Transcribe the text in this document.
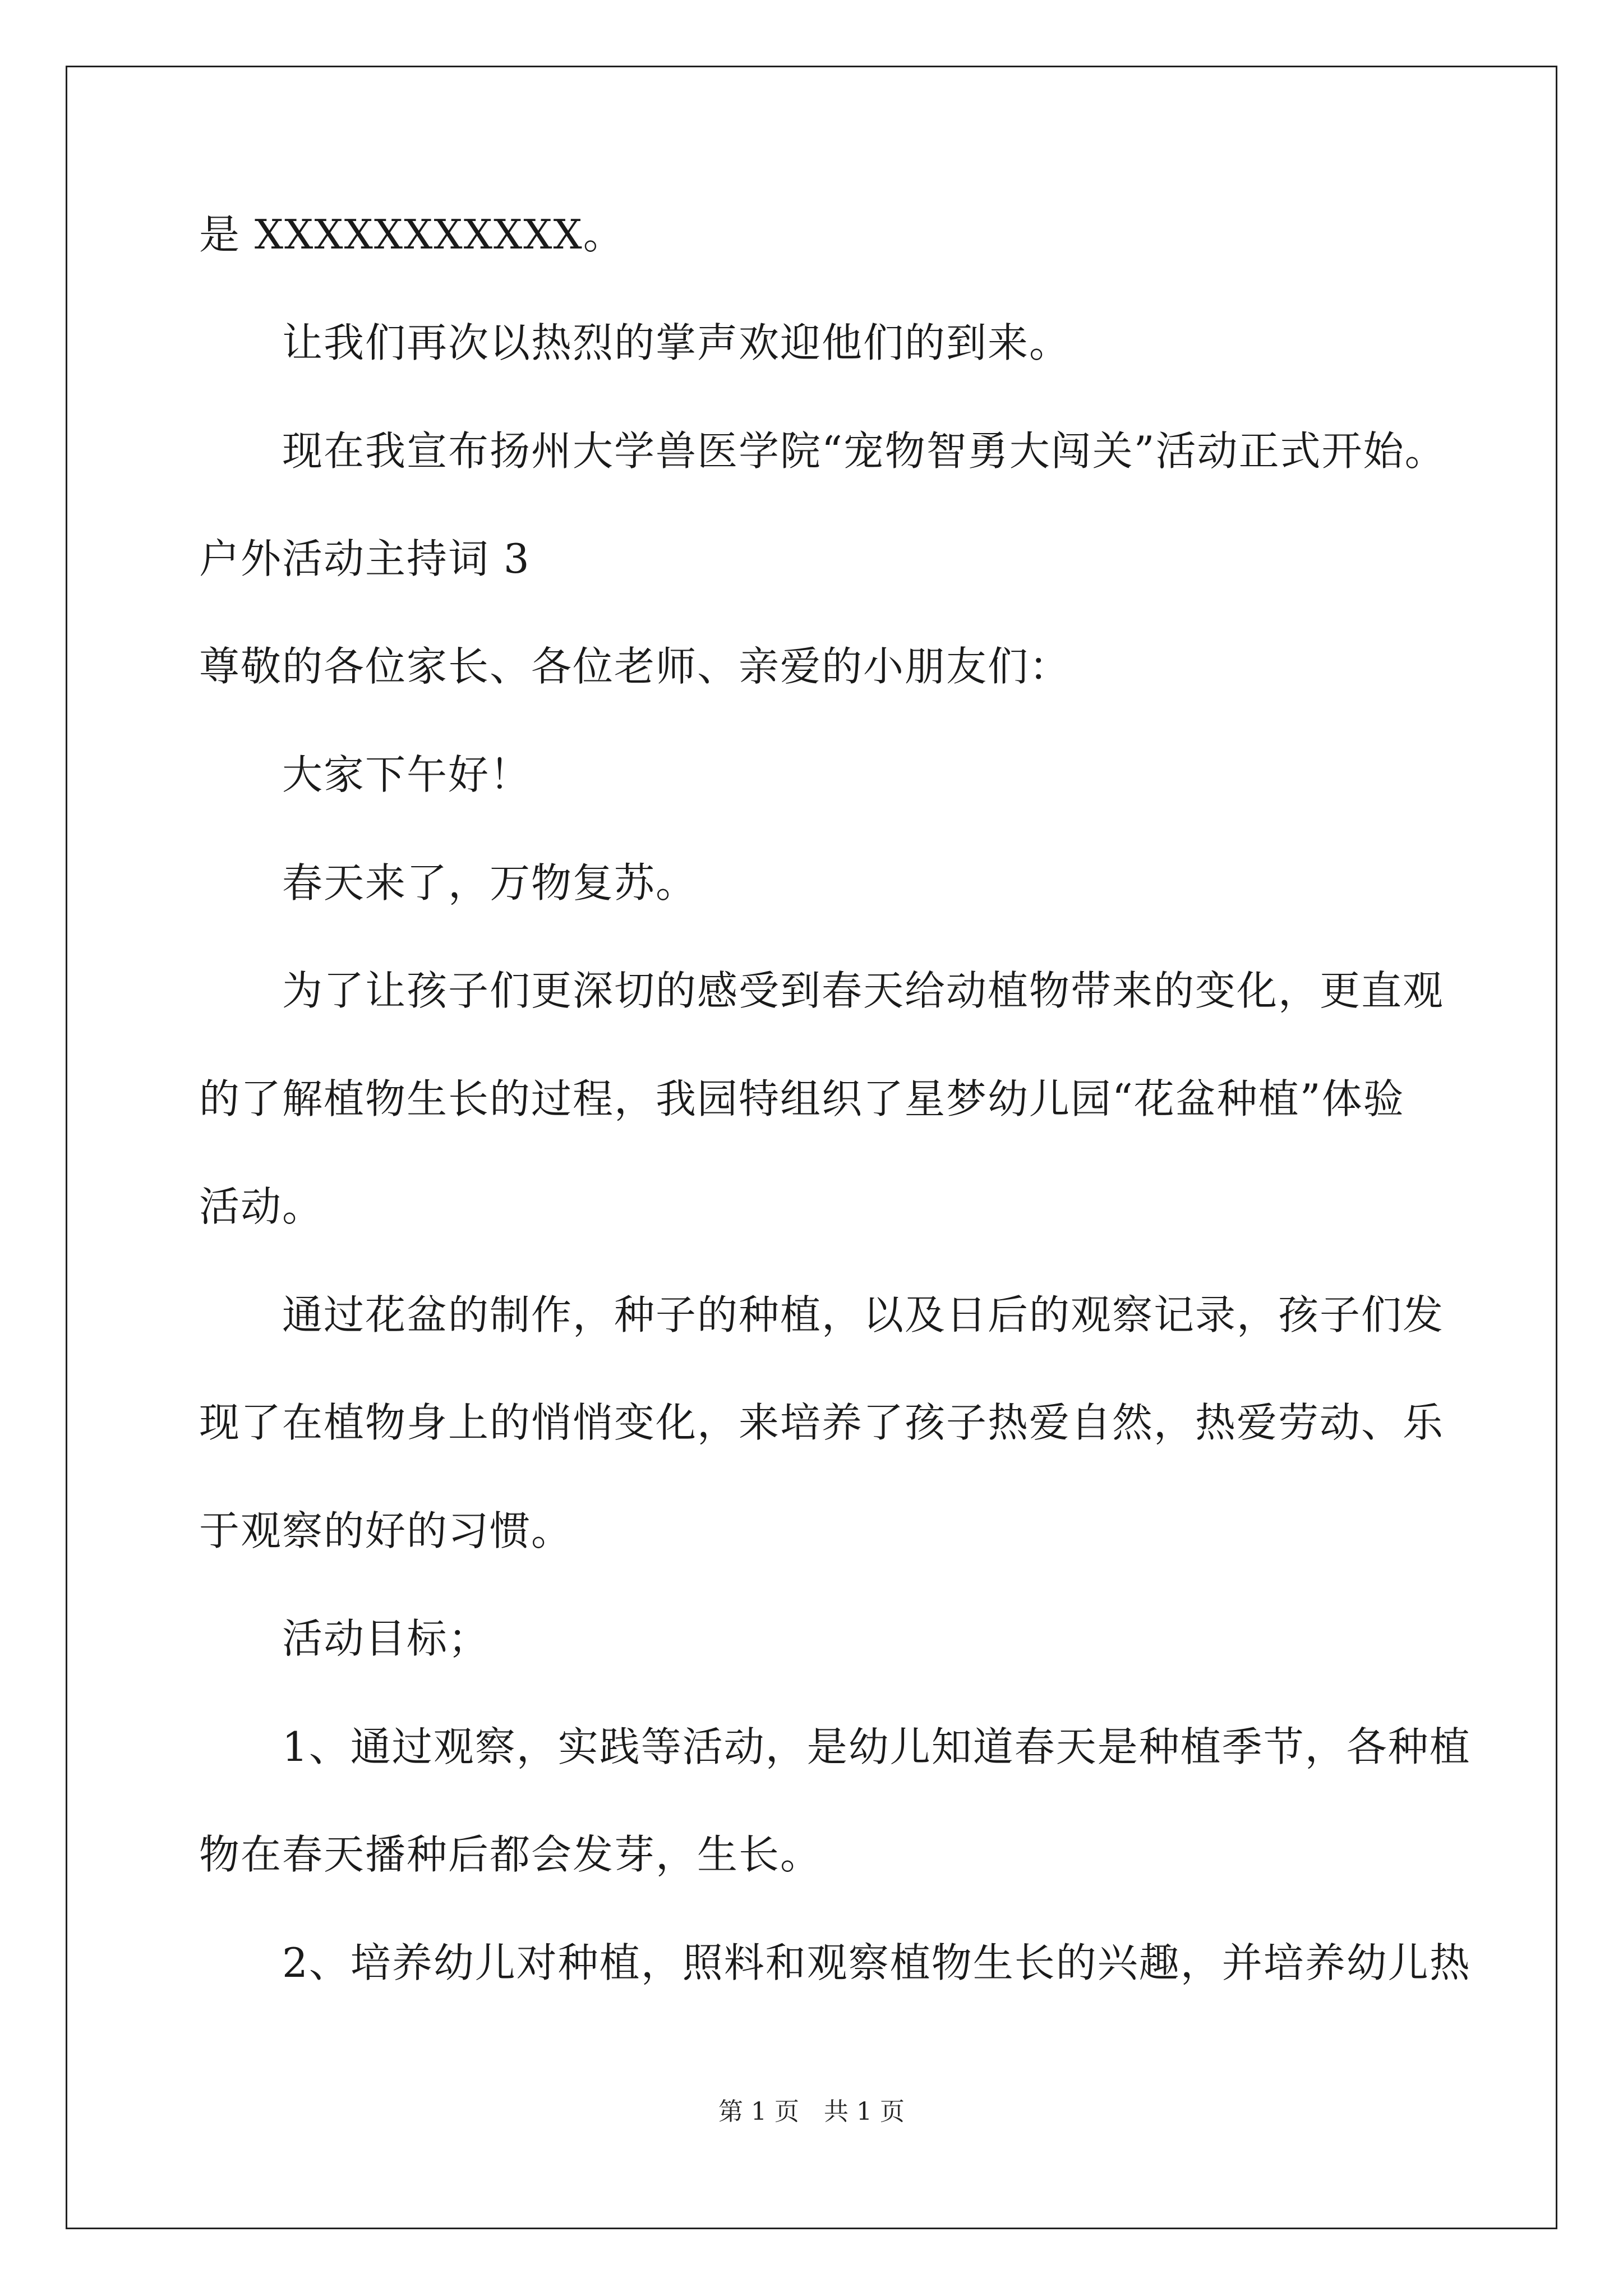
是 XXXXXXXXXXX。
让我们再次以热烈的掌声欢迎他们的到来。
现在我宣布扬州大学兽医学院“宠物智勇大闯关”活动正式开始。
户外活动主持词 3
尊敬的各位家长、各位老师、亲爱的小朋友们：
大家下午好！
春天来了，万物复苏。
为了让孩子们更深切的感受到春天给动植物带来的变化，更直观
的了解植物生长的过程，我园特组织了星梦幼儿园“花盆种植”体验
活动。
通过花盆的制作，种子的种植，以及日后的观察记录，孩子们发
现了在植物身上的悄悄变化，来培养了孩子热爱自然，热爱劳动、乐
于观察的好的习惯。
活动目标；
1、通过观察，实践等活动，是幼儿知道春天是种植季节，各种植
物在春天播种后都会发芽，生长。
2、培养幼儿对种植，照料和观察植物生长的兴趣，并培养幼儿热
第 1 页　共 1 页
